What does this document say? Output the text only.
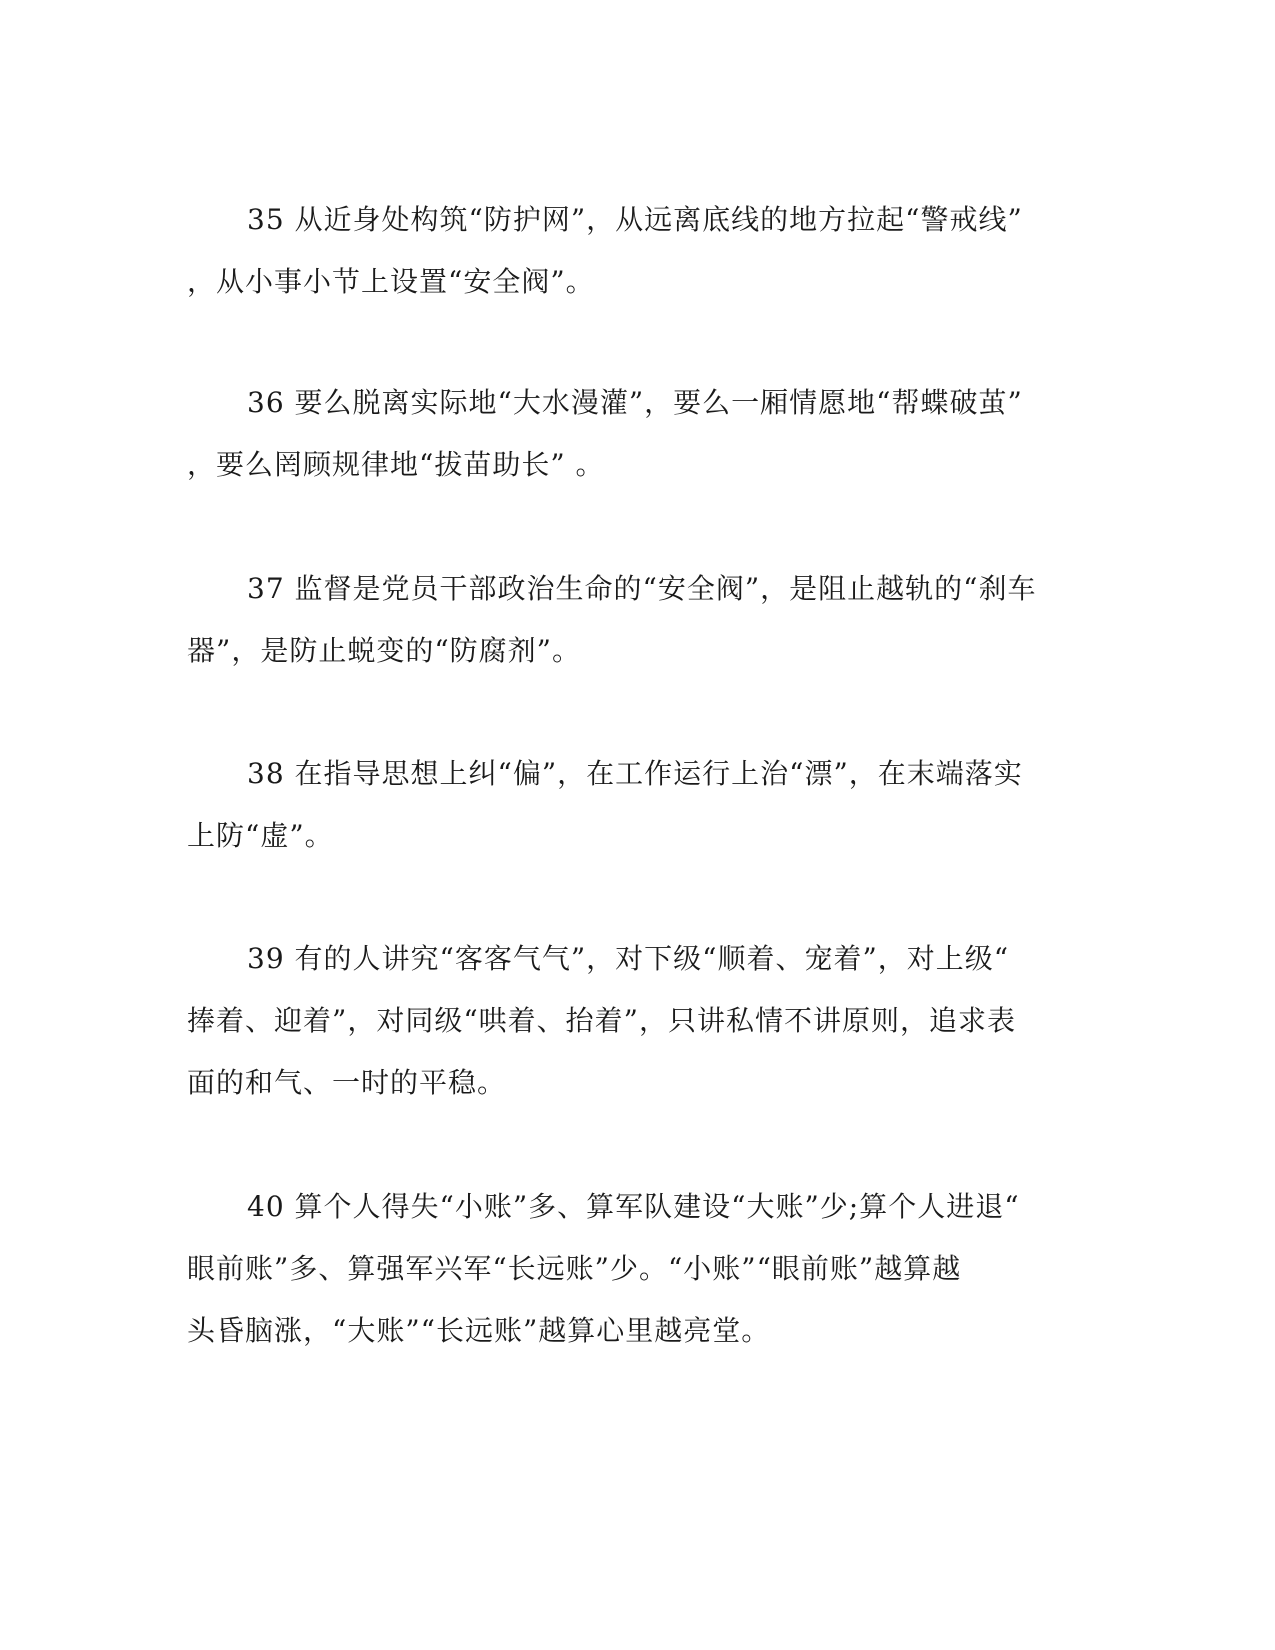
35 从近身处构筑“防护网”，从远离底线的地方拉起“警戒线”
，从小事小节上设置“安全阀”。
36 要么脱离实际地“大水漫灌”，要么一厢情愿地“帮蝶破茧”
，要么罔顾规律地“拔苗助长” 。
37 监督是党员干部政治生命的“安全阀”，是阻止越轨的“刹车
器”，是防止蜕变的“防腐剂”。
38 在指导思想上纠“偏”，在工作运行上治“漂”，在末端落实
上防“虚”。
39 有的人讲究“客客气气”，对下级“顺着、宠着”，对上级“
捧着、迎着”，对同级“哄着、抬着”，只讲私情不讲原则，追求表
面的和气、一时的平稳。
40 算个人得失“小账”多、算军队建设“大账”少;算个人进退“
眼前账”多、算强军兴军“长远账”少。“小账”“眼前账”越算越
头昏脑涨，“大账”“长远账”越算心里越亮堂。
